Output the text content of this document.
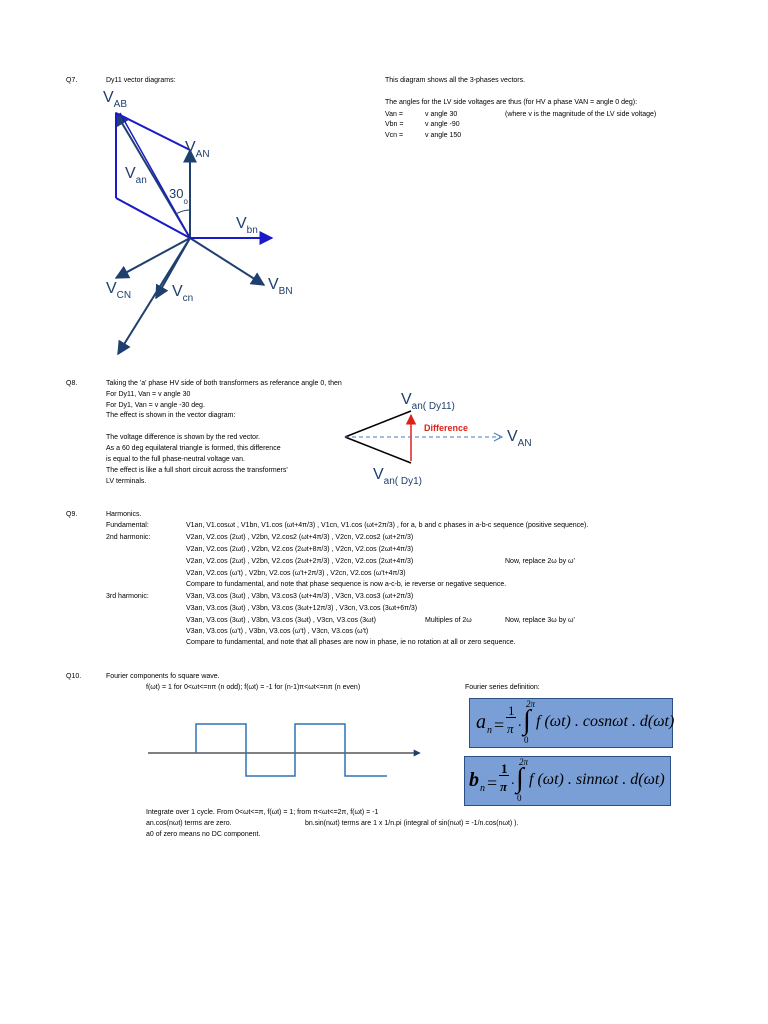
Q7.	Dy11 vector diagrams:	This diagram shows all the 3-phases vectors.
The angles for the LV side voltages are thus (for HV a phase VAN = angle 0 deg):
Van =	v angle 30	(where v is the magnitude of the LV side voltage)
Vbn =	v angle -90
Vcn =	v angle 150
$V_{AB}$
$V_{AN}$
$V_{an}$
$30_o$
$V_{bn}$
$V_{CN}$	$V_{cn}$
$V_{BN}$
Q8.	Taking the 'a' phase HV side of both transformers as referance angle 0, then
For Dy11, Van = v angle 30
For Dy1, Van = v angle -30 deg.
The effect is shown in the vector diagram:
The voltage difference is shown by the red vector.
As a 60 deg equilateral triangle is formed, this difference
is equal to the full phase-neutral voltage van.
The effect is like a full short circuit across the transformers'
LV terminals.
$V_{an( Dy11)}$
Difference $V_{AN}$
$V_{an( Dy1)}$
Q9.	Harmonics.
Fundamental:	V1an, V1.cosωt , V1bn, V1.cos (ωt+4π/3) , V1cn, V1.cos (ωt+2π/3) , for a, b and c phases in a-b-c sequence (positive sequence).
2nd harmonic:	V2an, V2.cos (2ωt) , V2bn, V2.cos2 (ωt+4π/3) , V2cn, V2.cos2 (ωt+2π/3)
V2an, V2.cos (2ωt) , V2bn, V2.cos (2ωt+8π/3) , V2cn, V2.cos (2ωt+4π/3)
V2an, V2.cos (2ωt) , V2bn, V2.cos (2ωt+2π/3) , V2cn, V2.cos (2ωt+4π/3)	Now, replace 2ω by ω'
V2an, V2.cos (ω't) , V2bn, V2.cos (ω't+2π/3) , V2cn, V2.cos (ω't+4π/3)
Compare to fundamental, and note that phase sequence is now a-c-b, ie reverse or negative sequence.
3rd harmonic:	V3an, V3.cos (3ωt) , V3bn, V3.cos3 (ωt+4π/3) , V3cn, V3.cos3 (ωt+2π/3)
V3an, V3.cos (3ωt) , V3bn, V3.cos (3ωt+12π/3) , V3cn, V3.cos (3ωt+6π/3)
V3an, V3.cos (3ωt) , V3bn, V3.cos (3ωt) , V3cn, V3.cos (3ωt)	Multiples of 2ω	Now, replace 3ω by ω'
V3an, V3.cos (ω't) , V3bn, V3.cos (ω't) , V3cn, V3.cos (ω't)
Compare to fundamental, and note that all phases are now in phase, ie no rotation at all or zero sequence.
Q10.	Fourier components fo square wave.
f(ωt) = 1 for 0<ωt<=nπ (n odd); f(ωt) = -1 for (n-1)π<ωt<=nπ (n even)	Fourier series definition:
a n =
1
π .
2π
∫
0
f (ωt) . cosnωt . d(ωt)
b n =
1
π .
2π
∫
0
f (ωt) . sinnωt . d(ωt)
Integrate over 1 cycle. From 0<ωt<=π, f(ωt) = 1; from π<ωt<=2π, f(ωt) = -1
an.cos(nωt) terms are zero.	bn.sin(nωt) terms are 1 x 1/n.pi (integral of sin(nωt) = -1/n.cos(nωt) ).
a0 of zero means no DC component.
